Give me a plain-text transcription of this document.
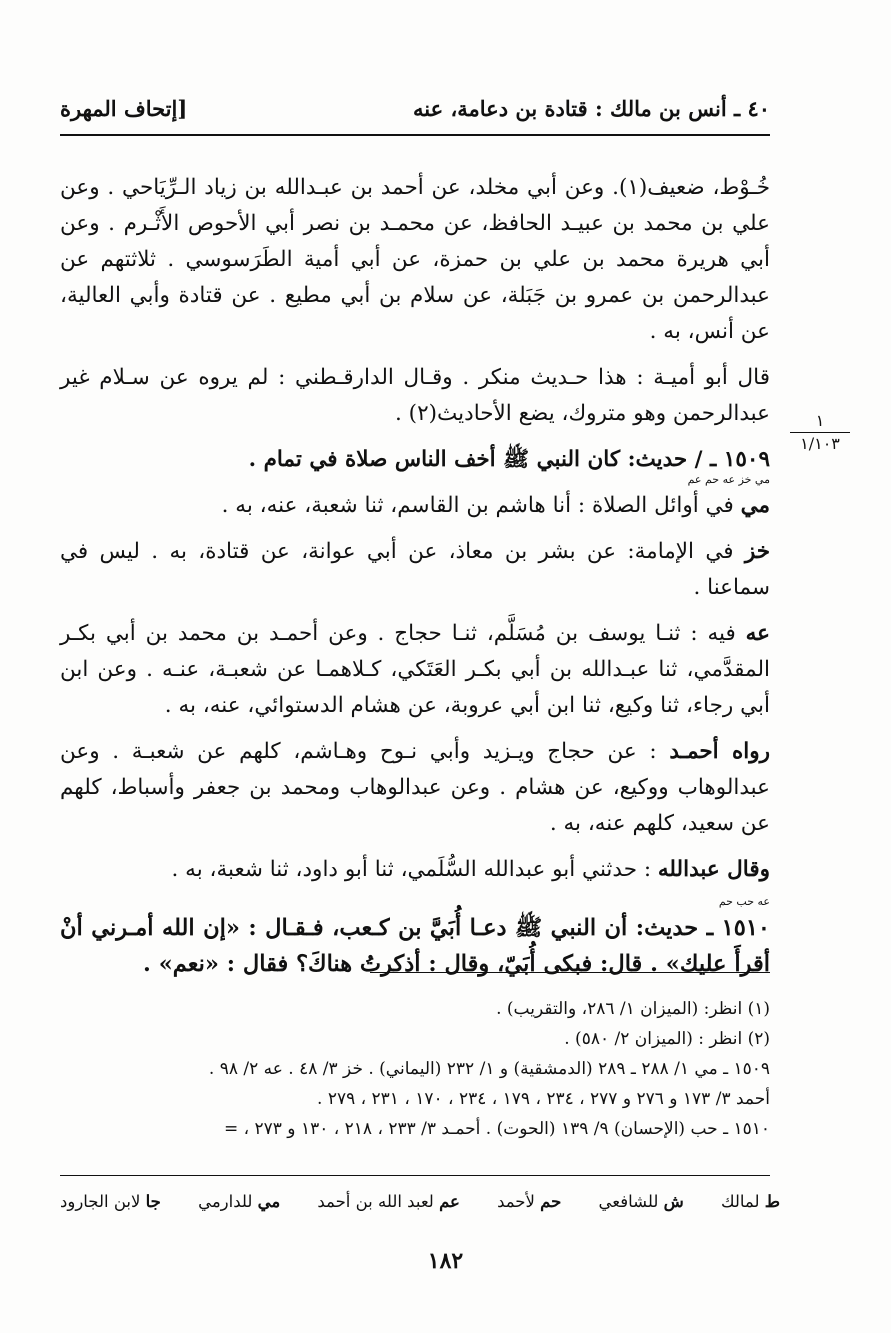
٤٠ ـ أنس بن مالك : قتادة بن دعامة، عنه
[إتحاف المهرة
١
١/١٠٣

خُـوْط، ضعيف(١). وعن أبي مخلد، عن أحمد بن عبـدالله بن زياد الـرِّيَاحي . وعن علي بن محمد بن عبيـد الحافظ، عن محمـد بن نصر أبي الأحوص الأَثْـرم . وعن أبي هريرة محمد بن علي بن حمزة، عن أبي أمية الطَرَسوسي . ثلاثتهم عن عبدالرحمن بن عمرو بن جَبَلة، عن سلام بن أبي مطيع . عن قتادة وأبي العالية، عن أنس، به .

قال أبو أميـة : هذا حـديث منكر . وقـال الدارقـطني : لم يروه عن سـلام غير عبدالرحمن وهو متروك، يضع الأحاديث(٢) .

١٥٠٩ ـ / حديث: كان النبي ﷺ أخف الناس صلاة في تمام .

مي خز عه حم عم

مي في أوائل الصلاة : أنا هاشم بن القاسم، ثنا شعبة، عنه، به .

خز في الإمامة: عن بشر بن معاذ، عن أبي عوانة، عن قتادة، به . ليس في سماعنا .

عه فيه : ثنـا يوسف بن مُسَلَّم، ثنـا حجاج . وعن أحمـد بن محمد بن أبي بكـر المقدَّمي، ثنا عبـدالله بن أبي بكـر العَتَكي، كـلاهمـا عن شعبـة، عنـه . وعن ابن أبي رجاء، ثنا وكيع، ثنا ابن أبي عروبة، عن هشام الدستوائي، عنه، به .

رواه أحمـد : عن حجاج ويـزيد وأبي نـوح وهـاشم، كلهم عن شعبـة . وعن عبدالوهاب ووكيع، عن هشام . وعن عبدالوهاب ومحمد بن جعفر وأسباط، كلهم عن سعيد، كلهم عنه، به .

وقال عبدالله : حدثني أبو عبدالله السُّلَمي، ثنا أبو داود، ثنا شعبة، به .

عه حب حم

١٥١٠ ـ حديث: أن النبي ﷺ دعـا أُبَيَّ بن كـعب، فـقـال : «إن الله أمـرني أنْ أقرأَ عليك» . قال: فبكى أُبَيّ، وقال : أذكرتُ هناكَ؟ فقال : «نعم» .

(١) انظر: (الميزان ١/ ٢٨٦، والتقريب) .
(٢) انظر : (الميزان ٢/ ٥٨٠) .
١٥٠٩ ـ مي ١/ ٢٨٨ ـ ٢٨٩ (الدمشقية) و ١/ ٢٣٢ (اليماني) . خز ٣/ ٤٨ . عه ٢/ ٩٨ .
أحمد ٣/ ١٧٣ و ٢٧٦ و ٢٧٧ ، ٢٣٤ ، ١٧٩ ، ٢٣٤ ، ١٧٠ ، ٢٣١ ، ٢٧٩ .
١٥١٠ ـ حب (الإحسان) ٩/ ١٣٩ (الحوت) . أحمـد ٣/ ٢٣٣ ، ٢١٨ ، ١٣٠ و ٢٧٣ ، =
ط لمالك
ش للشافعي
حم لأحمد
عم لعبد الله بن أحمد
مي للدارمي
جا لابن الجارود
١٨٢
